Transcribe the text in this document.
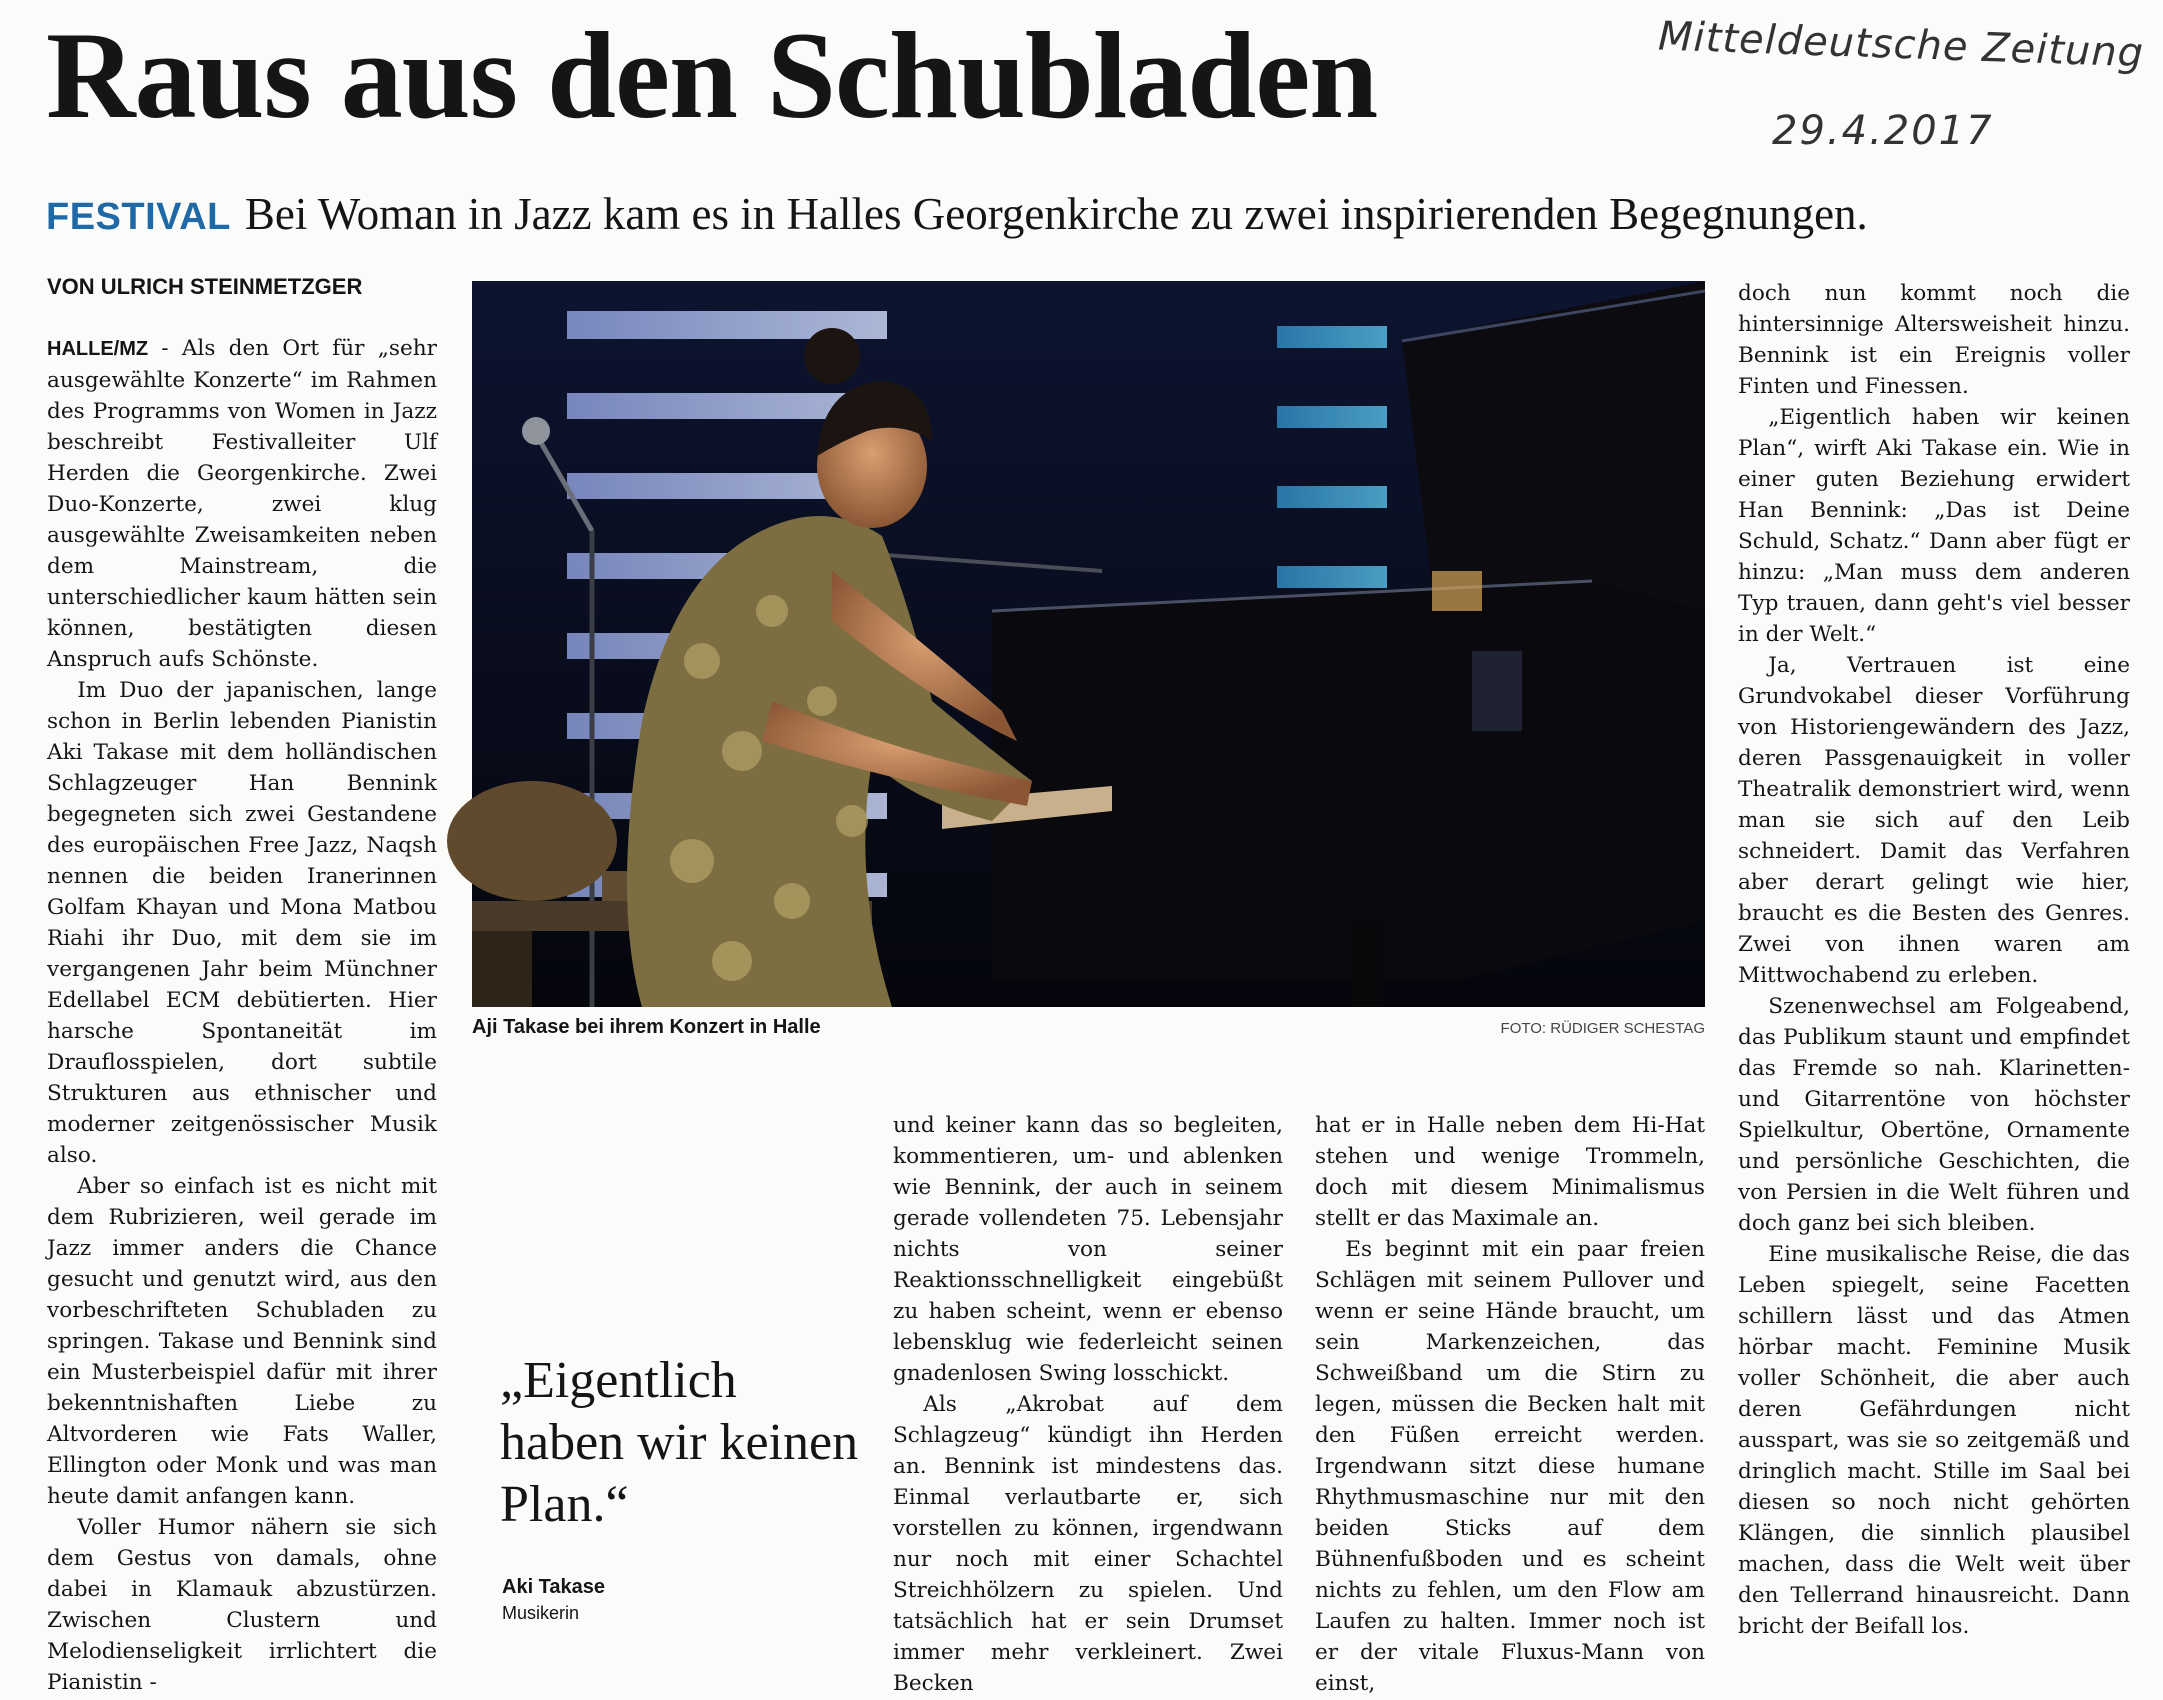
Mitteldeutsche Zeitung
29.4.2017
Raus aus den Schubladen
FESTIVAL Bei Woman in Jazz kam es in Halles Georgenkirche zu zwei inspirierenden Begegnungen.
VON ULRICH STEINMETZGER

HALLE/MZ - Als den Ort für „sehr ausgewählte Konzerte“ im Rahmen des Programms von Women in Jazz beschreibt Festivalleiter Ulf Herden die Georgenkirche. Zwei Duo-Konzerte, zwei klug ausgewählte Zweisamkeiten neben dem Mainstream, die unterschiedlicher kaum hätten sein können, bestätigten diesen Anspruch aufs Schönste.

Im Duo der japanischen, lange schon in Berlin lebenden Pianistin Aki Takase mit dem holländischen Schlagzeuger Han Bennink begegneten sich zwei Gestandene des europäischen Free Jazz, Naqsh nennen die beiden Iranerinnen Golfam Khayan und Mona Matbou Riahi ihr Duo, mit dem sie im vergangenen Jahr beim Münchner Edellabel ECM debütierten. Hier harsche Spontaneität im Drauflosspielen, dort subtile Strukturen aus ethnischer und moderner zeitgenössischer Musik also.

Aber so einfach ist es nicht mit dem Rubrizieren, weil gerade im Jazz immer anders die Chance gesucht und genutzt wird, aus den vorbeschrifteten Schubladen zu springen. Takase und Bennink sind ein Musterbeispiel dafür mit ihrer bekenntnishaften Liebe zu Altvorderen wie Fats Waller, Ellington oder Monk und was man heute damit anfangen kann.

Voller Humor nähern sie sich dem Gestus von damals, ohne dabei in Klamauk abzustürzen. Zwischen Clustern und Melodienseligkeit irrlichtert die Pianistin -

Aji Takase bei ihrem Konzert in Halle	FOTO: RÜDIGER SCHESTAG
„Eigentlich haben wir keinen Plan.“
Aki Takase
Musikerin

und keiner kann das so begleiten, kommentieren, um- und ablenken wie Bennink, der auch in seinem gerade vollendeten 75. Lebensjahr nichts von seiner Reaktionsschnelligkeit eingebüßt zu haben scheint, wenn er ebenso lebensklug wie federleicht seinen gnadenlosen Swing losschickt.

Als „Akrobat auf dem Schlagzeug“ kündigt ihn Herden an. Bennink ist mindestens das. Einmal verlautbarte er, sich vorstellen zu können, irgendwann nur noch mit einer Schachtel Streichhölzern zu spielen. Und tatsächlich hat er sein Drumset immer mehr verkleinert. Zwei Becken

hat er in Halle neben dem Hi-Hat stehen und wenige Trommeln, doch mit diesem Minimalismus stellt er das Maximale an.

Es beginnt mit ein paar freien Schlägen mit seinem Pullover und wenn er seine Hände braucht, um sein Markenzeichen, das Schweißband um die Stirn zu legen, müssen die Becken halt mit den Füßen erreicht werden. Irgendwann sitzt diese humane Rhythmusmaschine nur mit den beiden Sticks auf dem Bühnenfußboden und es scheint nichts zu fehlen, um den Flow am Laufen zu halten. Immer noch ist er der vitale Fluxus-Mann von einst,

doch nun kommt noch die hintersinnige Altersweisheit hinzu. Bennink ist ein Ereignis voller Finten und Finessen.

„Eigentlich haben wir keinen Plan“, wirft Aki Takase ein. Wie in einer guten Beziehung erwidert Han Bennink: „Das ist Deine Schuld, Schatz.“ Dann aber fügt er hinzu: „Man muss dem anderen Typ trauen, dann geht's viel besser in der Welt.“

Ja, Vertrauen ist eine Grundvokabel dieser Vorführung von Historiengewändern des Jazz, deren Passgenauigkeit in voller Theatralik demonstriert wird, wenn man sie sich auf den Leib schneidert. Damit das Verfahren aber derart gelingt wie hier, braucht es die Besten des Genres. Zwei von ihnen waren am Mittwochabend zu erleben.

Szenenwechsel am Folgeabend, das Publikum staunt und empfindet das Fremde so nah. Klarinetten- und Gitarrentöne von höchster Spielkultur, Obertöne, Ornamente und persönliche Geschichten, die von Persien in die Welt führen und doch ganz bei sich bleiben.

Eine musikalische Reise, die das Leben spiegelt, seine Facetten schillern lässt und das Atmen hörbar macht. Feminine Musik voller Schönheit, die aber auch deren Gefährdungen nicht ausspart, was sie so zeitgemäß und dringlich macht. Stille im Saal bei diesen so noch nicht gehörten Klängen, die sinnlich plausibel machen, dass die Welt weit über den Tellerrand hinausreicht. Dann bricht der Beifall los.
